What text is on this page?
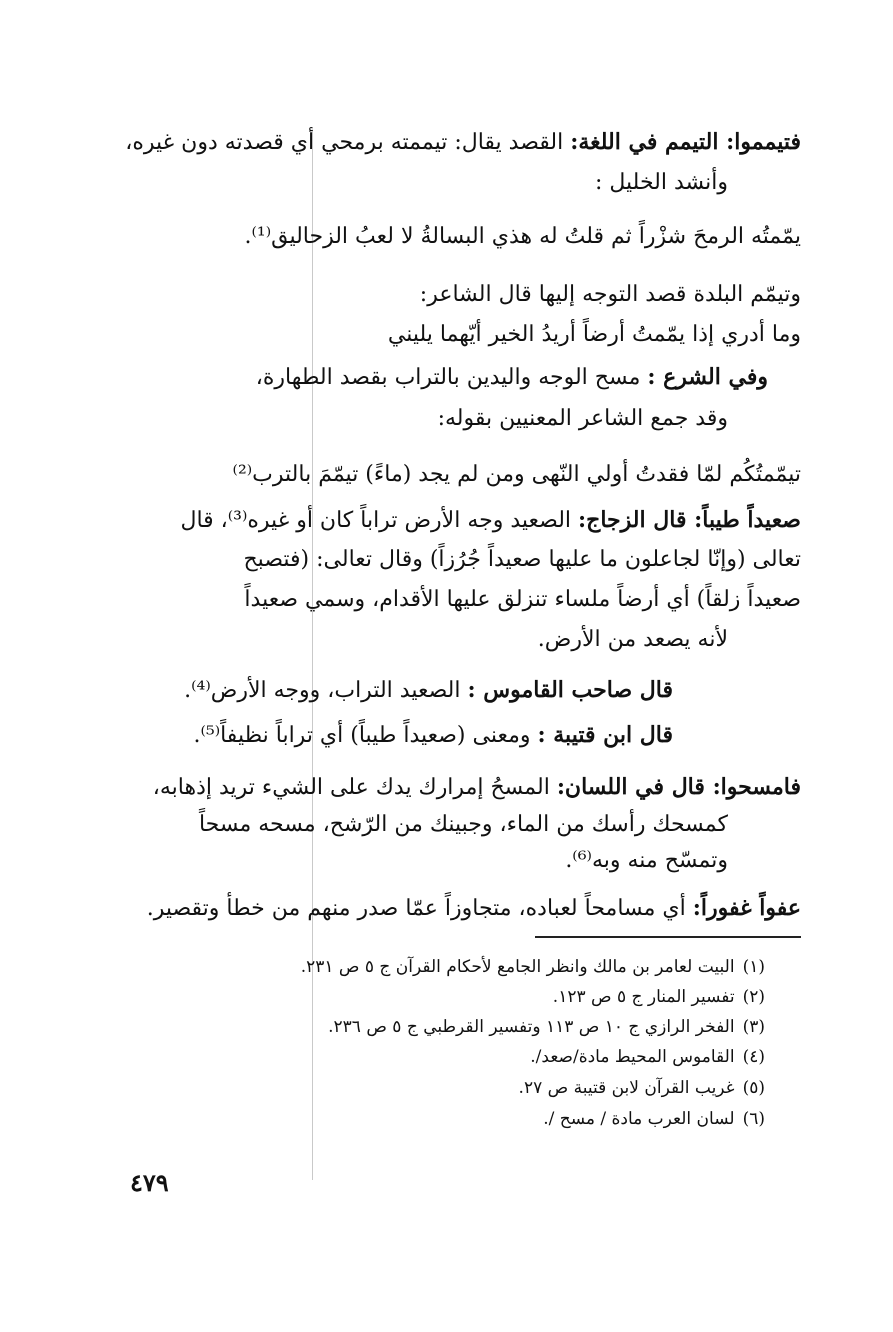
فتيمموا: التيمم في اللغة: القصد يقال: تيممته برمحي أي قصدته دون غيره،
وأنشد الخليل :
يمّمتُه الرمحَ شزْراً ثم قلتُ له هذي البسالةُ لا لعبُ الزحاليق⁽¹⁾.
وتيمّم البلدة قصد التوجه إليها قال الشاعر:
وما أدري إذا يمّمتُ أرضاً أريدُ الخير أيّهما يليني
وفي الشرع : مسح الوجه واليدين بالتراب بقصد الطهارة،
وقد جمع الشاعر المعنيين بقوله:
تيمّمتُكُم لمّا فقدتُ أولي النّهى ومن لم يجد (ماءً) تيمّمَ بالترب⁽²⁾
صعيداً طيباً: قال الزجاج: الصعيد وجه الأرض تراباً كان أو غيره⁽³⁾، قال
تعالى (وإنّا لجاعلون ما عليها صعيداً جُرُزاً) وقال تعالى: (فتصبح
صعيداً زلقاً) أي أرضاً ملساء تنزلق عليها الأقدام، وسمي صعيداً
لأنه يصعد من الأرض.
قال صاحب القاموس : الصعيد التراب، ووجه الأرض⁽⁴⁾.
قال ابن قتيبة : ومعنى (صعيداً طيباً) أي تراباً نظيفاً⁽⁵⁾.
فامسحوا: قال في اللسان: المسحُ إمرارك يدك على الشيء تريد إذهابه،
كمسحك رأسك من الماء، وجبينك من الرّشح، مسحه مسحاً
وتمسّح منه وبه⁽⁶⁾.
عفواً غفوراً: أي مسامحاً لعباده، متجاوزاً عمّا صدر منهم من خطأ وتقصير.
(١)البيت لعامر بن مالك وانظر الجامع لأحكام القرآن ج ٥ ص ٢٣١.
(٢)تفسير المنار ج ٥ ص ١٢٣.
(٣)الفخر الرازي ج ١٠ ص ١١٣ وتفسير القرطبي ج ٥ ص ٢٣٦.
(٤)القاموس المحيط مادة/صعد/.
(٥)غريب القرآن لابن قتيبة ص ٢٧.
(٦)لسان العرب مادة / مسح /.
٤٧٩
